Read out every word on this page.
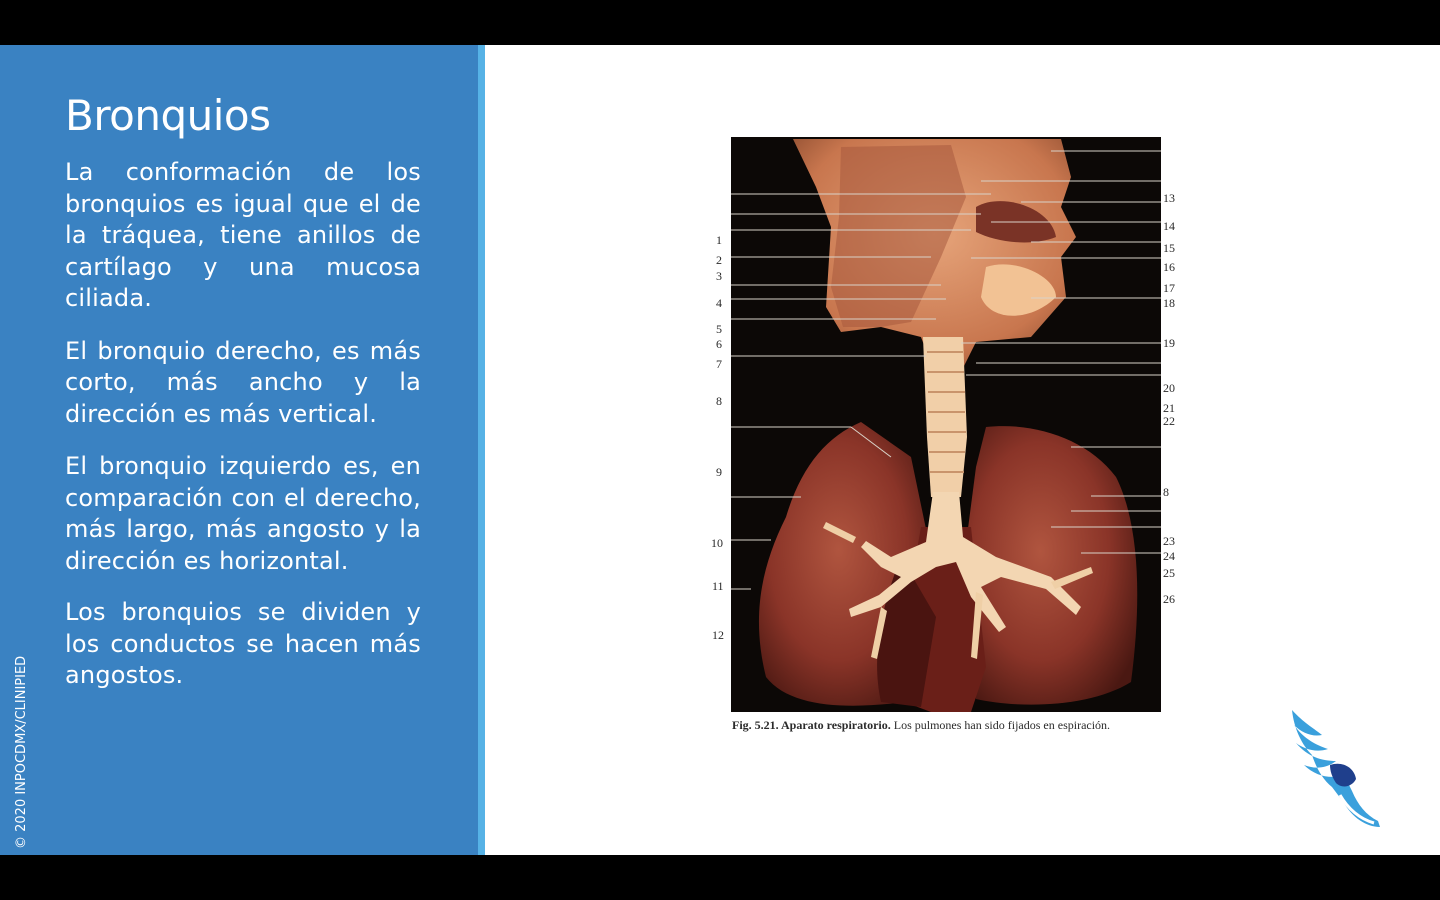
Bronquios

La conformación de los bronquios es igual que el de la tráquea, tiene anillos de cartílago y una mucosa ciliada.

El bronquio derecho, es más corto, más ancho y la dirección es más vertical.

El bronquio izquierdo es, en comparación con el derecho, más largo, más angosto y la dirección es horizontal.

Los bronquios se dividen y los conductos se hacen más angostos.

© 2020 INPOCDMX/CLINIPIED
1
2
3
4
5
6
7
8
9
10
11
12
13
14
15
16
17
18
19
20
21
22
8
23
24
25
26
Fig. 5.21. Aparato respiratorio. Los pulmones han sido fijados en espiración.
